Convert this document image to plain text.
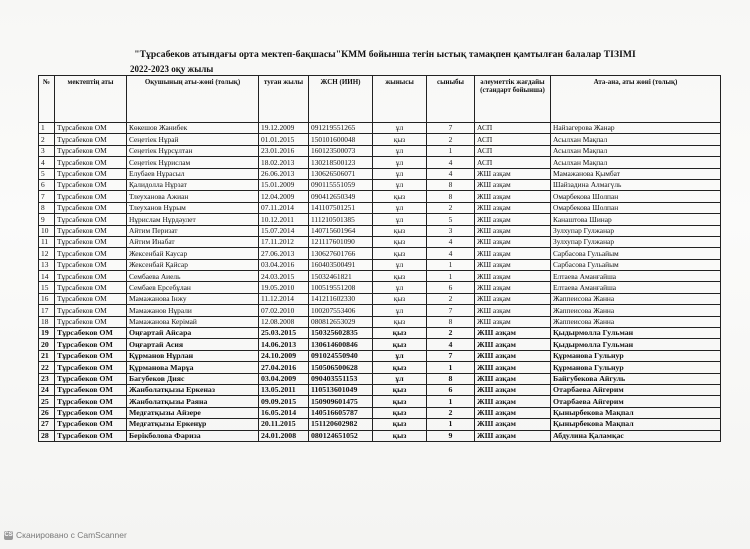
"Тұрсабеков атындағы орта мектеп-бақшасы"КММ бойынша тегін ыстық тамақпен қамтылған балалар ТІЗІМІ
2022-2023 оқу жылы
№	мектептің аты	Оқушының аты-жөні (толық)	туған жылы	ЖСН (ИИН)	жынысы	сыныбы	әлеуметтік жағдайы (стандарт бойынша)	Ата-ана, аты жөні (толық)
1	Тұрсабеков ОМ	Көкешов Жанибек	19.12.2009	091219551265	ұл	7	АСП	Найзагерова Жанар
2	Тұрсабеков ОМ	Сеңетіек Нұрай	01.01.2015	150101600048	қыз	2	АСП	Асылхан Мақпал
3	Тұрсабеков ОМ	Сеңетіек Нұрсұлтан	23.01.2016	160123500073	ұл	1	АСП	Асылхан Мақпал
4	Тұрсабеков ОМ	Сеңетіек Нұрислам	18.02.2013	130218500123	ұл	4	АСП	Асылхан Мақпал
5	Тұрсабеков ОМ	Елубаев Нұрасыл	26.06.2013	130626506071	ұл	4	ЖШ азқам	Мамажанова Қымбат
6	Тұрсабеков ОМ	Қалидолла Нұрзат	15.01.2009	090115551059	ұл	8	ЖШ азқам	Шайзадина Алмагүль
7	Тұрсабеков ОМ	Тлеуханова Ажиан	12.04.2009	090412650349	қыз	8	ЖШ азқам	Омарбекова Шолпан
8	Тұрсабеков ОМ	Тлеуханов Нұрым	07.11.2014	141107501251	ұл	2	ЖШ азқам	Омарбекова Шолпан
9	Тұрсабеков ОМ	Нұрислам Нұрдәулет	10.12.2011	111210501385	ұл	5	ЖШ азқам	Канаштова Шинар
10	Тұрсабеков ОМ	Айтим Перизат	15.07.2014	140715601964	қыз	3	ЖШ азқам	Зулхупар Гулжанар
11	Тұрсабеков ОМ	Айтим Инабат	17.11.2012	121117601090	қыз	4	ЖШ азқам	Зулхупар Гулжанар
12	Тұрсабеков ОМ	Жексенбай Каусар	27.06.2013	130627601766	қыз	4	ЖШ азқам	Сарбасова Гульайым
13	Тұрсабеков ОМ	Жексенбай Қайсар	03.04.2016	160403500491	ұл	1	ЖШ азқам	Сарбасова Гульайым
14	Тұрсабеков ОМ	Сембаева Аиель	24.03.2015	150324618​21	қыз	1	ЖШ азқам	Елтаева Аманғайша
15	Тұрсабеков ОМ	Сембаев Ерсебұлан	19.05.2010	100519551208	ұл	6	ЖШ азқам	Елтаева Аманғайша
16	Тұрсабеков ОМ	Мамажанова Інжу	11.12.2014	141211602330	қыз	2	ЖШ азқам	Жаппеисова Жанна
17	Тұрсабеков ОМ	Мамажанов Нұрали	07.02.2010	100207553406	ұл	7	ЖШ азқам	Жаппеисова Жанна
18	Тұрсабеков ОМ	Мамажанова Керімай	12.08.2008	080812653029	қыз	8	ЖШ азқам	Жаппеисова Жанна
19	Тұрсабеков ОМ	Оңғартай Айсара	25.03.2015	150325602835	қыз	2	ЖШ азқам	Қыдырмолла Гульман
20	Тұрсабеков ОМ	Оңғартай Асия	14.06.2013	130614600846	қыз	4	ЖШ азқам	Қыдырмолла Гульман
21	Тұрсабеков ОМ	Құрманов Нұрлан	24.10.2009	091024550940	ұл	7	ЖШ азқам	Құрманова Гульнур
22	Тұрсабеков ОМ	Құрманова Марұа	27.04.2016	150506500628	қыз	1	ЖШ азқам	Құрманова Гульнур
23	Тұрсабеков ОМ	Багубеков Дияс	03.04.2009	090403551153	ұл	8	ЖШ азқам	Байгубекова Айгуль
24	Тұрсабеков ОМ	Жанболатқызы Еркеназ	13.05.2011	110513601049	қыз	6	ЖШ азқам	Отарбаева Айгерим
25	Тұрсабеков ОМ	Жанболатқызы Раяна	09.09.2015	150909601475	қыз	1	ЖШ азқам	Отарбаева Айгерим
26	Тұрсабеков ОМ	Медғатқызы Айзере	16.05.2014	140516605787	қыз	2	ЖШ азқам	Қынырбекова Мақпал
27	Тұрсабеков ОМ	Медғатқызы Еркенұр	20.11.2015	151120602982	қыз	1	ЖШ азқам	Қынырбекова Мақпал
28	Тұрсабеков ОМ	Берікболова Фариза	24.01.2008	080124651052	қыз	9	ЖШ азқам	Абдулина Қаламқас
CS Сканировано с CamScanner
